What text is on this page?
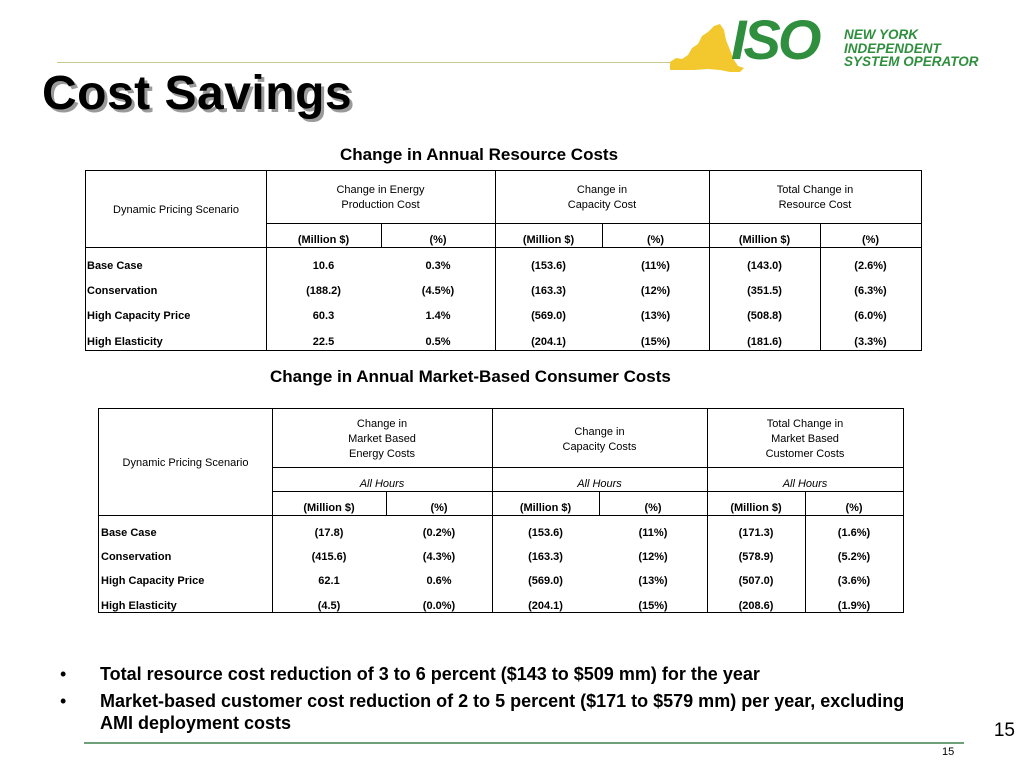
Cost Savings
ISO NEW YORK
INDEPENDENT
SYSTEM OPERATOR
Change in Annual Resource Costs
Dynamic Pricing Scenario
Change in Energy
Production Cost
Change in
Capacity Cost
Total Change in
Resource Cost
(Million $)	(%)	(Million $)	(%)	(Million $)	(%)
Base Case	10.6	0.3%	(153.6)	(11%)	(143.0)	(2.6%)
Conservation	(188.2)	(4.5%)	(163.3)	(12%)	(351.5)	(6.3%)
High Capacity Price	60.3	1.4%	(569.0)	(13%)	(508.8)	(6.0%)
High Elasticity	22.5	0.5%	(204.1)	(15%)	(181.6)	(3.3%)
Change in Annual Market-Based Consumer Costs
Dynamic Pricing Scenario
Change in
Market Based
Energy Costs
Change in
Capacity Costs
Total Change in
Market Based
Customer Costs
All Hours	All Hours	All Hours
(Million $)	(%)	(Million $)	(%)	(Million $)	(%)
Base Case	(17.8)	(0.2%)	(153.6)	(11%)	(171.3)	(1.6%)
Conservation	(415.6)	(4.3%)	(163.3)	(12%)	(578.9)	(5.2%)
High Capacity Price	62.1	0.6%	(569.0)	(13%)	(507.0)	(3.6%)
High Elasticity	(4.5)	(0.0%)	(204.1)	(15%)	(208.6)	(1.9%)
• Total resource cost reduction of 3 to 6 percent ($143 to $509 mm) for the year
• Market-based customer cost reduction of 2 to 5 percent ($171 to $579 mm) per year, excluding AMI deployment costs	15
15
